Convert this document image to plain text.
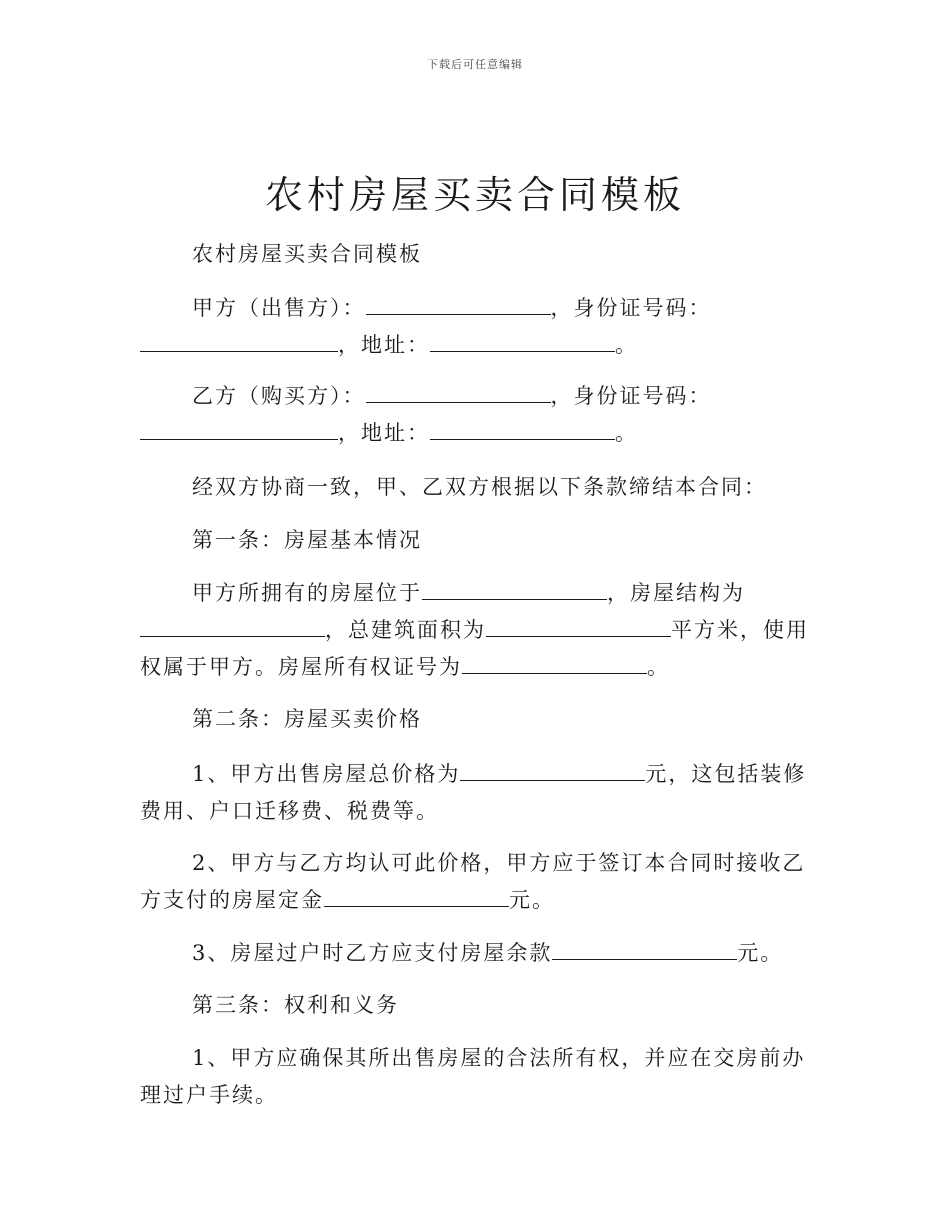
下载后可任意编辑
农村房屋买卖合同模板

农村房屋买卖合同模板

甲方（出售方）：	，身份证号码：，地址：	。

乙方（购买方）：	，身份证号码：，地址：	。

经双方协商一致，甲、乙双方根据以下条款缔结本合同：

第一条：房屋基本情况

甲方所拥有的房屋位于	，房屋结构为，总建筑面积为	平方米，使用权属于甲方。房屋所有权证号为	。

第二条：房屋买卖价格

1、甲方出售房屋总价格为	元，这包括装修费用、户口迁移费、税费等。

2、甲方与乙方均认可此价格，甲方应于签订本合同时接收乙方支付的房屋定金	元。

3、房屋过户时乙方应支付房屋余款	元。

第三条：权利和义务

1、甲方应确保其所出售房屋的合法所有权，并应在交房前办理过户手续。
